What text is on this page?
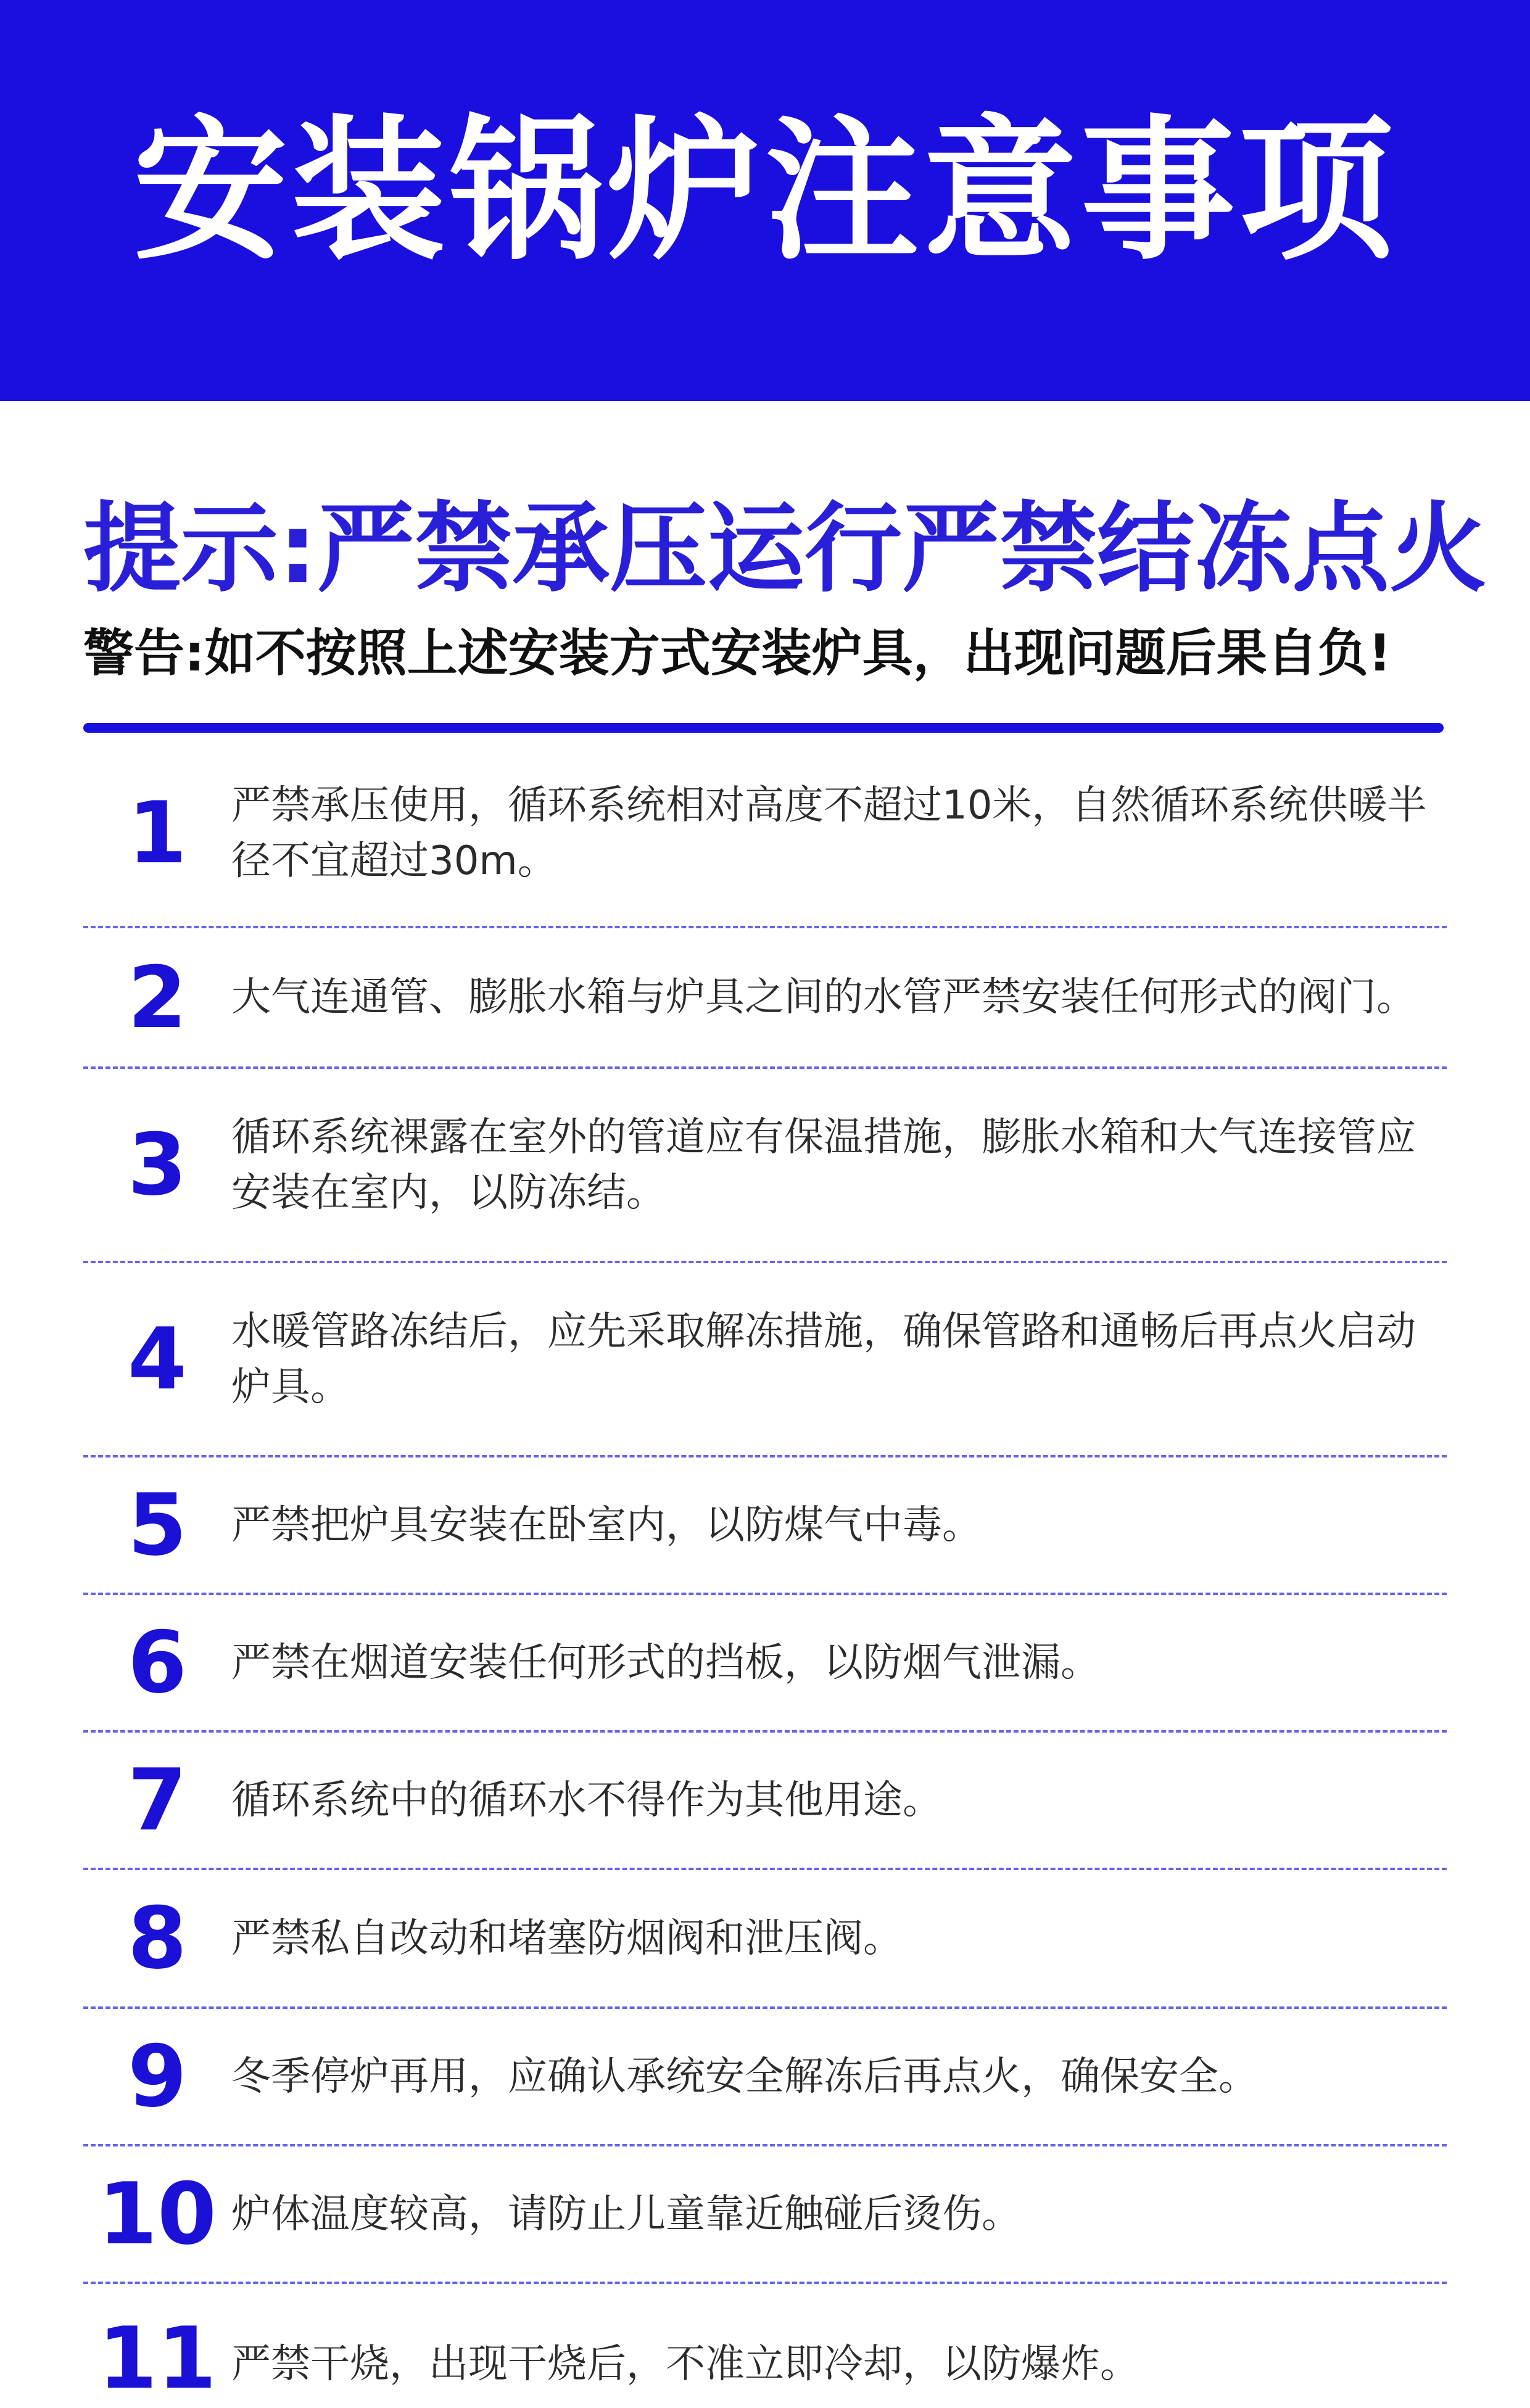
安装锅炉注意事项
提示:严禁承压运行严禁结冻点火
警告:如不按照上述安装方式安装炉具，出现问题后果自负!
1	严禁承压使用，循环系统相对高度不超过10米，自然循环系统供暖半径不宜超过30m。
2	大气连通管、膨胀水箱与炉具之间的水管严禁安装任何形式的阀门。
3	循环系统裸露在室外的管道应有保温措施，膨胀水箱和大气连接管应安装在室内，以防冻结。
4	水暖管路冻结后，应先采取解冻措施，确保管路和通畅后再点火启动炉具。
5	严禁把炉具安装在卧室内，以防煤气中毒。
6	严禁在烟道安装任何形式的挡板，以防烟气泄漏。
7	循环系统中的循环水不得作为其他用途。
8	严禁私自改动和堵塞防烟阀和泄压阀。
9	冬季停炉再用，应确认承统安全解冻后再点火，确保安全。
10 炉体温度较高，请防止儿童靠近触碰后烫伤。
11 严禁干烧，出现干烧后，不准立即冷却，以防爆炸。
